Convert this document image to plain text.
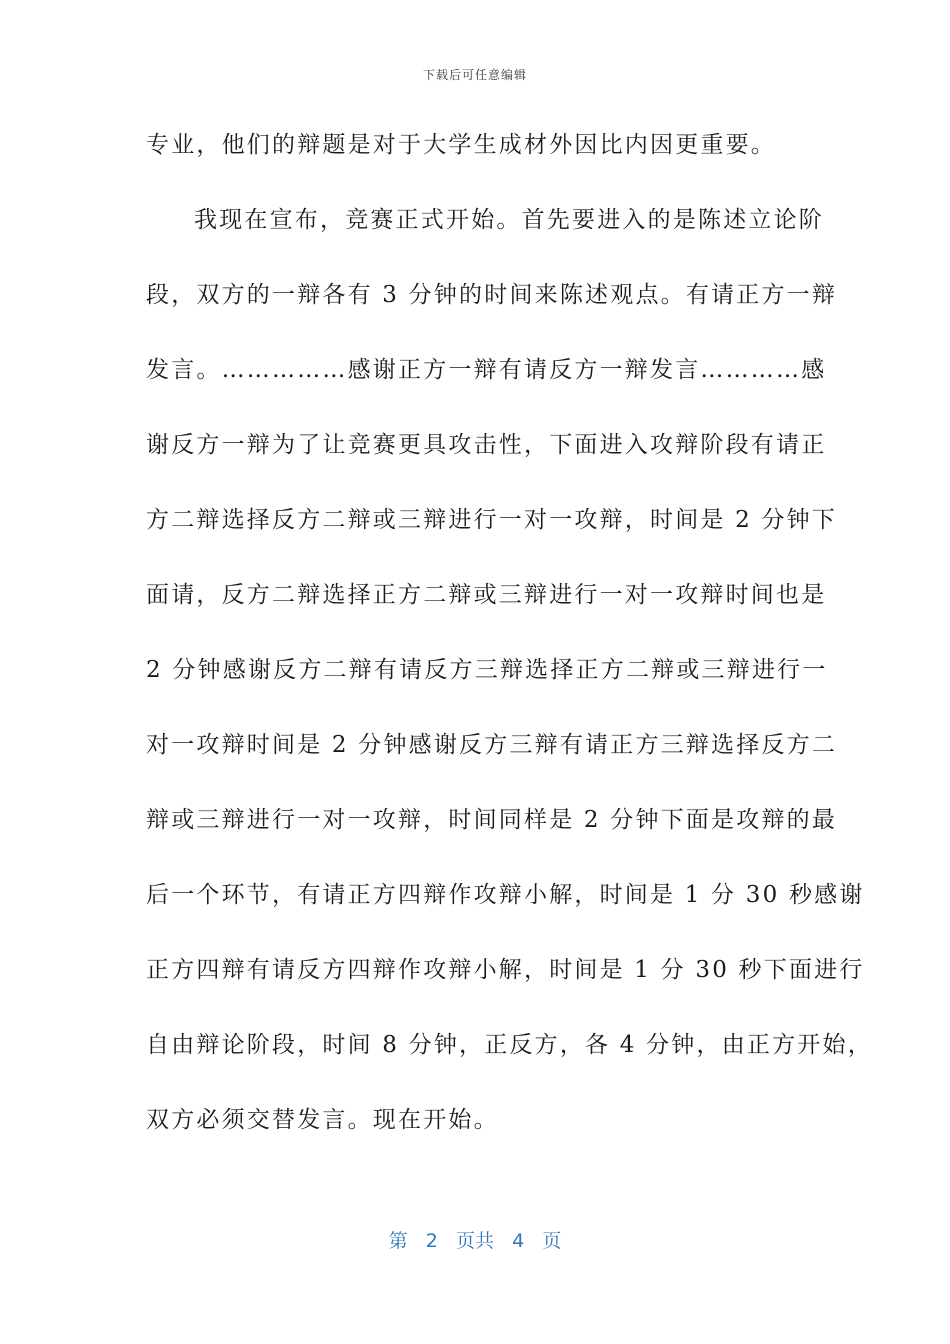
下载后可任意编辑
专业，他们的辩题是对于大学生成材外因比内因更重要。
我现在宣布，竞赛正式开始。首先要进入的是陈述立论阶
段，双方的一辩各有 3 分钟的时间来陈述观点。有请正方一辩
发言。……………感谢正方一辩有请反方一辩发言…………感
谢反方一辩为了让竞赛更具攻击性，下面进入攻辩阶段有请正
方二辩选择反方二辩或三辩进行一对一攻辩，时间是 2 分钟下
面请，反方二辩选择正方二辩或三辩进行一对一攻辩时间也是
2 分钟感谢反方二辩有请反方三辩选择正方二辩或三辩进行一
对一攻辩时间是 2 分钟感谢反方三辩有请正方三辩选择反方二
辩或三辩进行一对一攻辩，时间同样是 2 分钟下面是攻辩的最
后一个环节，有请正方四辩作攻辩小解，时间是 1 分 30 秒感谢
正方四辩有请反方四辩作攻辩小解，时间是 1 分 30 秒下面进行
自由辩论阶段，时间 8 分钟，正反方，各 4 分钟，由正方开始，
双方必须交替发言。现在开始。
第 2 页共 4 页
